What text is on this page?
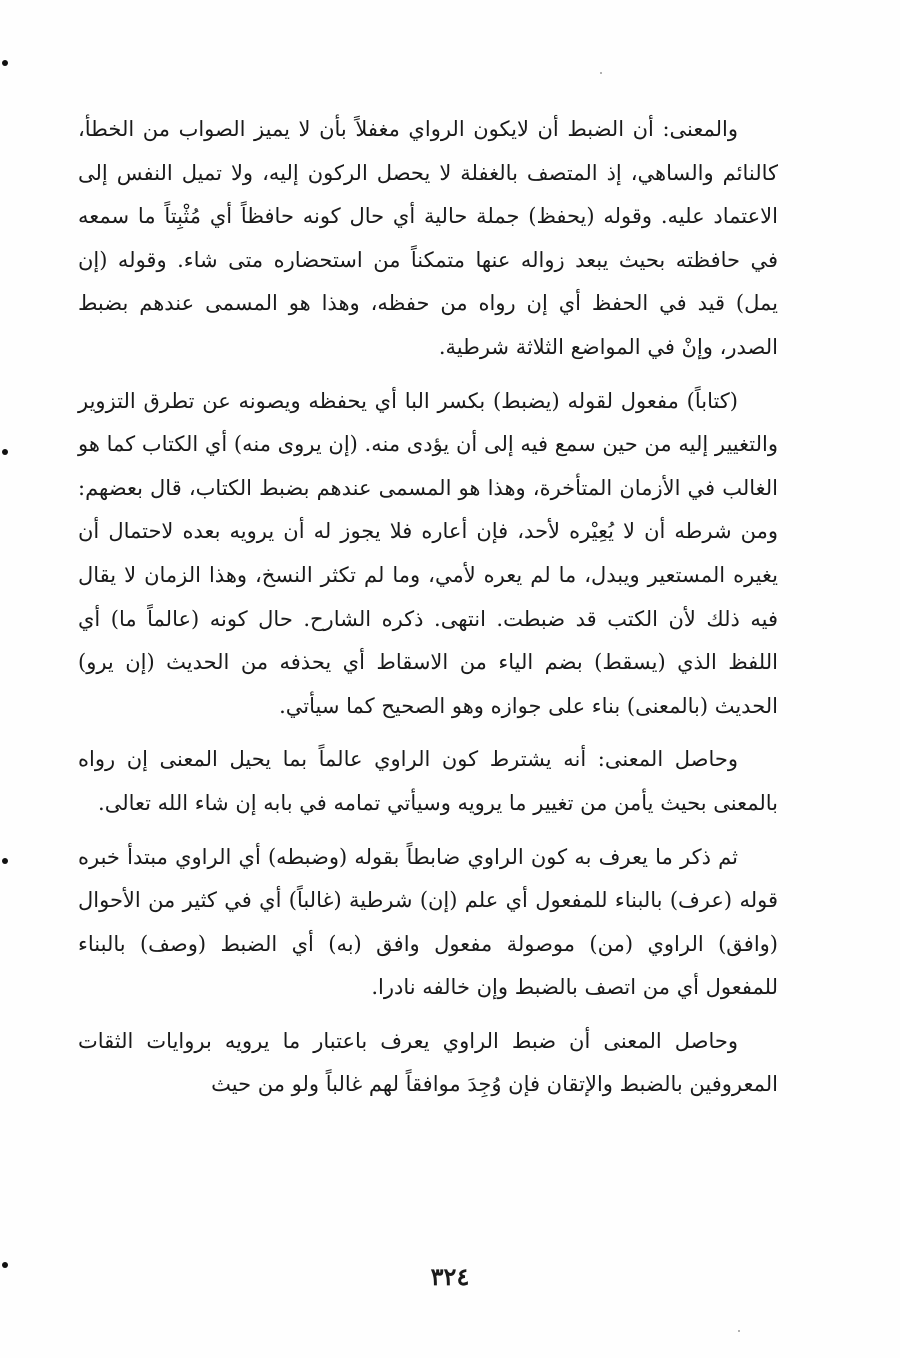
والمعنى: أن الضبط أن لايكون الرواي مغفلاً بأن لا يميز الصواب من الخطأ، كالنائم والساهي، إذ المتصف بالغفلة لا يحصل الركون إليه، ولا تميل النفس إلى الاعتماد عليه. وقوله (يحفظ) جملة حالية أي حال كونه حافظاً أي مُثْبِتاً ما سمعه في حافظته بحيث يبعد زواله عنها متمكناً من استحضاره متى شاء. وقوله (إن يمل) قيد في الحفظ أي إن رواه من حفظه، وهذا هو المسمى عندهم بضبط الصدر، وإنْ في المواضع الثلاثة شرطية.

(كتاباً) مفعول لقوله (يضبط) بكسر البا أي يحفظه ويصونه عن تطرق التزوير والتغيير إليه من حين سمع فيه إلى أن يؤدى منه. (إن يروى منه) أي الكتاب كما هو الغالب في الأزمان المتأخرة، وهذا هو المسمى عندهم بضبط الكتاب، قال بعضهم: ومن شرطه أن لا يُعِيْره لأحد، فإن أعاره فلا يجوز له أن يرويه بعده لاحتمال أن يغيره المستعير ويبدل، ما لم يعره لأمي، وما لم تكثر النسخ، وهذا الزمان لا يقال فيه ذلك لأن الكتب قد ضبطت. انتهى. ذكره الشارح. حال كونه (عالماً ما) أي اللفظ الذي (يسقط) بضم الياء من الاسقاط أي يحذفه من الحديث (إن يرو) الحديث (بالمعنى) بناء على جوازه وهو الصحيح كما سيأتي.

وحاصل المعنى: أنه يشترط كون الراوي عالماً بما يحيل المعنى إن رواه بالمعنى بحيث يأمن من تغيير ما يرويه وسيأتي تمامه في بابه إن شاء الله تعالى.

ثم ذكر ما يعرف به كون الراوي ضابطاً بقوله (وضبطه) أي الراوي مبتدأ خبره قوله (عرف) بالبناء للمفعول أي علم (إن) شرطية (غالباً) أي في كثير من الأحوال (وافق) الراوي (من) موصولة مفعول وافق (به) أي الضبط (وصف) بالبناء للمفعول أي من اتصف بالضبط وإن خالفه نادرا.

وحاصل المعنى أن ضبط الراوي يعرف باعتبار ما يرويه بروايات الثقات المعروفين بالضبط والإتقان فإن وُجِدَ موافقاً لهم غالباً ولو من حيث

٣٢٤
